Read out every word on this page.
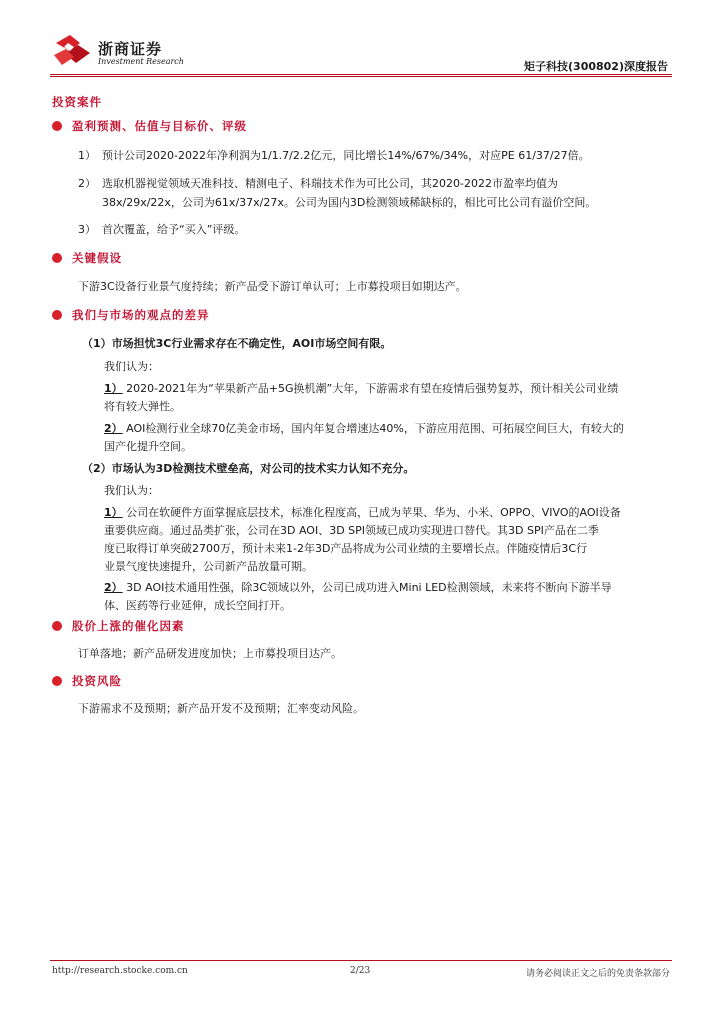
浙商证券
Investment Research	矩子科技(300802)深度报告
投资案件
盈利预测、估值与目标价、评级
1） 预计公司2020-2022年净利润为1/1.7/2.2亿元，同比增长14%/67%/34%，对应PE 61/37/27倍。
2） 选取机器视觉领域天准科技、精测电子、科瑞技术作为可比公司，其2020-2022市盈率均值为
38x/29x/22x，公司为61x/37x/27x。公司为国内3D检测领域稀缺标的，相比可比公司有溢价空间。
3） 首次覆盖，给予“买入”评级。
关键假设
下游3C设备行业景气度持续；新产品受下游订单认可；上市募投项目如期达产。
我们与市场的观点的差异
（1）市场担忧3C行业需求存在不确定性，AOI市场空间有限。
我们认为：
1） 2020-2021年为“苹果新产品+5G换机潮”大年，下游需求有望在疫情后强势复苏，预计相关公司业绩
将有较大弹性。
2） AOI检测行业全球70亿美金市场，国内年复合增速达40%，下游应用范围、可拓展空间巨大，有较大的
国产化提升空间。
（2）市场认为3D检测技术壁垒高，对公司的技术实力认知不充分。
我们认为：
1） 公司在软硬件方面掌握底层技术，标准化程度高，已成为苹果、华为、小米、OPPO、VIVO的AOI设备
重要供应商。通过品类扩张，公司在3D AOI、3D SPI领域已成功实现进口替代。其3D SPI产品在二季
度已取得订单突破2700万，预计未来1-2年3D产品将成为公司业绩的主要增长点。伴随疫情后3C行
业景气度快速提升，公司新产品放量可期。
2） 3D AOI技术通用性强，除3C领域以外，公司已成功进入Mini LED检测领域，未来将不断向下游半导
体、医药等行业延伸，成长空间打开。
股价上涨的催化因素
订单落地；新产品研发进度加快；上市募投项目达产。
投资风险
下游需求不及预期；新产品开发不及预期；汇率变动风险。
http://research.stocke.com.cn	2/23	请务必阅读正文之后的免责条款部分
